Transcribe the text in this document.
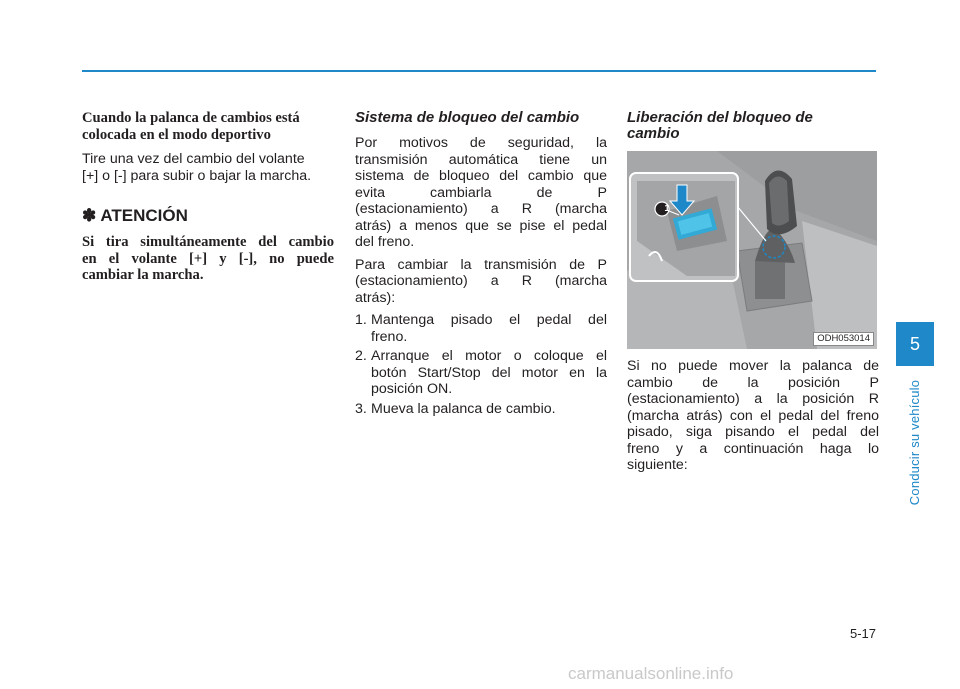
Cuando la palanca de cambios está
colocada en el modo deportivo
Tire una vez del cambio del volante
[+] o [-] para subir o bajar la marcha.
✽ ATENCIÓN
Si tira simultáneamente del cambio
en el volante [+] y [-], no puede
cambiar la marcha.
Sistema de bloqueo del cambio
Por motivos de seguridad, la
transmisión automática tiene un
sistema de bloqueo del cambio que
evita cambiarla de P
(estacionamiento) a R (marcha
atrás) a menos que se pise el pedal
del freno.
Para cambiar la transmisión de P
(estacionamiento) a R (marcha
atrás):
1. Mantenga pisado el pedal del
freno.
2. Arranque el motor o coloque el
botón Start/Stop del motor en la
posición ON.
3. Mueva la palanca de cambio.
Liberación del bloqueo de
cambio
1
ODH053014
Si no puede mover la palanca de
cambio de la posición P
(estacionamiento) a la posición R
(marcha atrás) con el pedal del freno
pisado, siga pisando el pedal del
freno y a continuación haga lo
siguiente:
5
Conducir su vehículo
5-17
carmanualsonline.info
